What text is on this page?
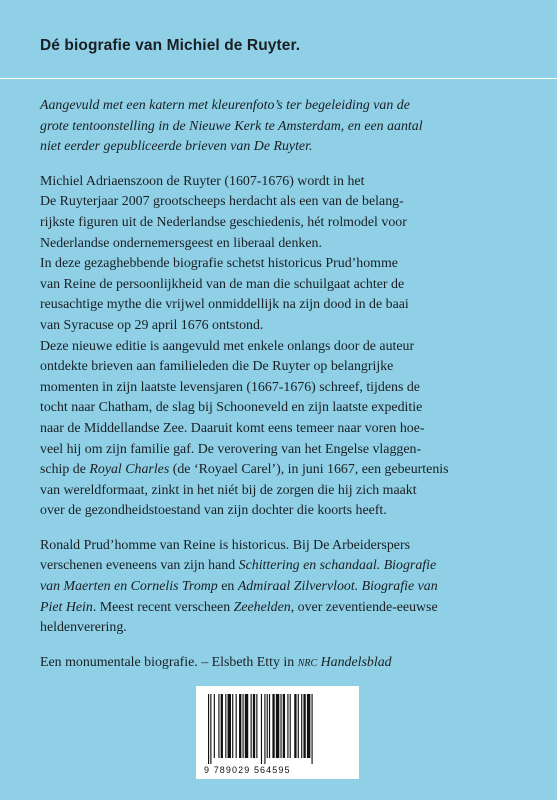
Dé biografie van Michiel de Ruyter.

Aangevuld met een katern met kleurenfoto’s ter begeleiding van de
grote tentoonstelling in de Nieuwe Kerk te Amsterdam, en een aantal
niet eerder gepubliceerde brieven van De Ruyter.

Michiel Adriaenszoon de Ruyter (1607-1676) wordt in het
De Ruyterjaar 2007 grootscheeps herdacht als een van de belang-
rijkste figuren uit de Nederlandse geschiedenis, hét rolmodel voor
Nederlandse ondernemersgeest en liberaal denken.
In deze gezaghebbende biografie schetst historicus Prud’homme
van Reine de persoonlijkheid van de man die schuilgaat achter de
reusachtige mythe die vrijwel onmiddellijk na zijn dood in de baai
van Syracuse op 29 april 1676 ontstond.
Deze nieuwe editie is aangevuld met enkele onlangs door de auteur
ontdekte brieven aan familieleden die De Ruyter op belangrijke
momenten in zijn laatste levensjaren (1667-1676) schreef, tijdens de
tocht naar Chatham, de slag bij Schooneveld en zijn laatste expeditie
naar de Middellandse Zee. Daaruit komt eens temeer naar voren hoe-
veel hij om zijn familie gaf. De verovering van het Engelse vlaggen-
schip de Royal Charles (de ‘Royael Carel’), in juni 1667, een gebeurtenis
van wereldformaat, zinkt in het niét bij de zorgen die hij zich maakt
over de gezondheidstoestand van zijn dochter die koorts heeft.

Ronald Prud’homme van Reine is historicus. Bij De Arbeiderspers
verschenen eveneens van zijn hand Schittering en schandaal. Biografie
van Maerten en Cornelis Tromp en Admiraal Zilvervloot. Biografie van
Piet Hein. Meest recent verscheen Zeehelden, over zeventiende-eeuwse
heldenverering.

Een monumentale biografie. – Elsbeth Etty in nrc Handelsblad

9 789029 564595
